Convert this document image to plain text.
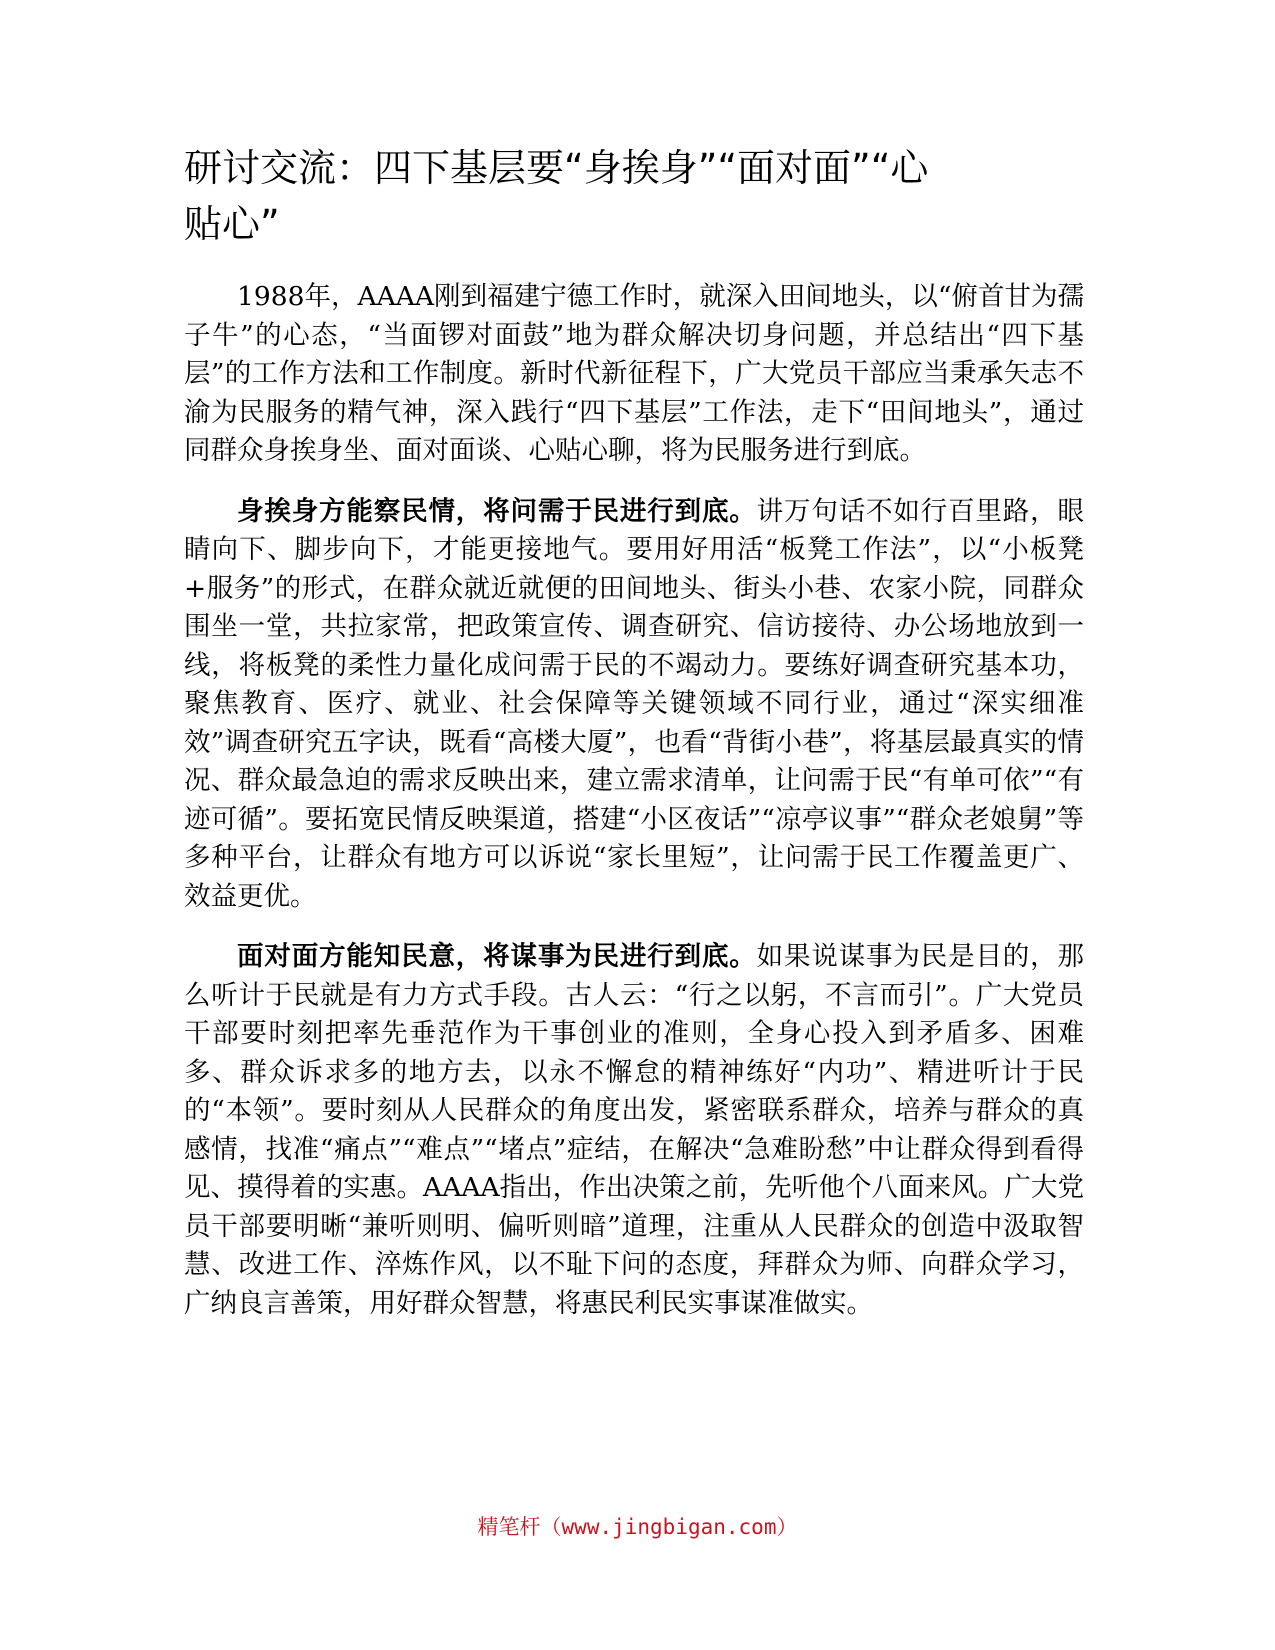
研讨交流：四下基层要“身挨身”“面对面”“心贴心”

1988年，AAAA刚到福建宁德工作时，就深入田间地头，以“俯首甘为孺子牛”的心态，“当面锣对面鼓”地为群众解决切身问题，并总结出“四下基层”的工作方法和工作制度。新时代新征程下，广大党员干部应当秉承矢志不渝为民服务的精气神，深入践行“四下基层”工作法，走下“田间地头”，通过同群众身挨身坐、面对面谈、心贴心聊，将为民服务进行到底。

身挨身方能察民情，将问需于民进行到底。讲万句话不如行百里路，眼睛向下、脚步向下，才能更接地气。要用好用活“板凳工作法”，以“小板凳+服务”的形式，在群众就近就便的田间地头、街头小巷、农家小院，同群众围坐一堂，共拉家常，把政策宣传、调查研究、信访接待、办公场地放到一线，将板凳的柔性力量化成问需于民的不竭动力。要练好调查研究基本功，聚焦教育、医疗、就业、社会保障等关键领域不同行业，通过“深实细准效”调查研究五字诀，既看“高楼大厦”，也看“背街小巷”，将基层最真实的情况、群众最急迫的需求反映出来，建立需求清单，让问需于民“有单可依”“有迹可循”。要拓宽民情反映渠道，搭建“小区夜话”“凉亭议事”“群众老娘舅”等多种平台，让群众有地方可以诉说“家长里短”，让问需于民工作覆盖更广、效益更优。

面对面方能知民意，将谋事为民进行到底。如果说谋事为民是目的，那么听计于民就是有力方式手段。古人云：“行之以躬，不言而引”。广大党员干部要时刻把率先垂范作为干事创业的准则，全身心投入到矛盾多、困难多、群众诉求多的地方去，以永不懈怠的精神练好“内功”、精进听计于民的“本领”。要时刻从人民群众的角度出发，紧密联系群众，培养与群众的真感情，找准“痛点”“难点”“堵点”症结，在解决“急难盼愁”中让群众得到看得见、摸得着的实惠。AAAA指出，作出决策之前，先听他个八面来风。广大党员干部要明晰“兼听则明、偏听则暗”道理，注重从人民群众的创造中汲取智慧、改进工作、淬炼作风，以不耻下问的态度，拜群众为师、向群众学习，广纳良言善策，用好群众智慧，将惠民利民实事谋准做实。

精笔杆（www.jingbigan.com）
